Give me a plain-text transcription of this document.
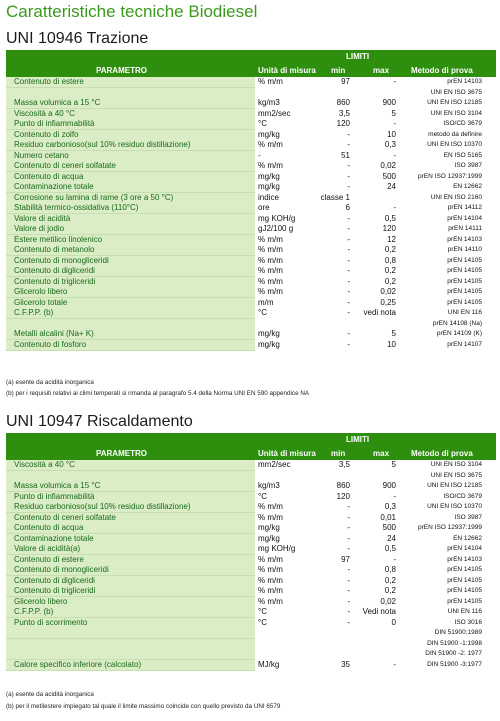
Caratteristiche tecniche Biodiesel
UNI 10946 Trazione
LIMITI
PARAMETRO	Unità di misura min	max	Metodo di prova
Contenuto di estere	% m/m	97	-	prEN 14103
UNI EN ISO 3675
Massa volumica a 15 °C	kg/m3	860	900	UNI EN ISO 12185
Viscosità a 40 °C	mm2/sec	3,5	5	UNI EN ISO 3104
Punto di infiammabilità	°C	120	-	ISO/CD 3679
Contenuto di zolfo	mg/kg	-	10	metodo da definire
Residuo carbonioso(sul 10% residuo distillazione)	% m/m	-	0,3	UNI EN ISO 10370
Numero cetano	-	51	-	EN ISO 5165
Contenuto di ceneri solfatate	% m/m	-	0,02	ISO 3987
Contenuto di acqua	mg/kg	-	500	prEN ISO 12937:1999
Contaminazione totale	mg/kg	-	24	EN 12662
Corrosione su lamina di rame (3 ore a 50 °C)	indice	classe 1	UNI EN ISO 2160
Stabilità termico-ossidativa (110°C)	ore	6	-	prEN 14112
Valore di acidità	mg KOH/g	-	0,5	prEN 14104
Valore di jodio	gJ2/100 g	-	120	prEN 14111
Estere metilico linolenico	% m/m	-	12	prEN 14103
Contenuto di metanolo	% m/m	-	0,2	prEN 14110
Contenuto di monogliceridi	% m/m	-	0,8	prEN 14105
Contenuto di digliceridi	% m/m	-	0,2	prEN 14105
Contenuto di trigliceridi	% m/m	-	0,2	prEN 14105
Glicerolo libero	% m/m	-	0,02	prEN 14105
Glicerolo totale	m/m	-	0,25	prEN 14105
C.F.P.P. (b)	°C	-	vedi nota	UNI EN 116
prEN 14108 (Na)
Metalli alcalini (Na+ K)	mg/kg	-	5	prEN 14109 (K)
Contenuto di fosforo	mg/kg	-	10	prEN 14107
(a) esente da acidità inorganica
(b) per i requisiti relativi ai climi temperati si rimanda al paragrafo 5.4 della Norma UNI EN 590 appendice NA
UNI 10947 Riscaldamento
LIMITI
PARAMETRO	Unità di misura min	max	Metodo di prova
Viscosità a 40 °C	mm2/sec	3,5	5	UNI EN ISO 3104
UNI EN ISO 3675
Massa volumica a 15 °C	kg/m3	860	900	UNI EN ISO 12185
Punto di infiammabilità	°C	120	-	ISO/CD 3679
Residuo carbonioso(sul 10% residuo distillazione)	% m/m	-	0,3	UNI EN ISO 10370
Contenuto di ceneri solfatate	% m/m	-	0,01	ISO 3987
Contenuto di acqua	mg/kg	-	500	prEN ISO 12937:1999
Contaminazione totale	mg/kg	-	24	EN 12662
Valore di acidità(a)	mg KOH/g	-	0,5	prEN 14104
Contenuto di estere	% m/m	97	-	prEN 14103
Contenuto di monogliceridi	% m/m	-	0,8	prEN 14105
Contenuto di digliceridi	% m/m	-	0,2	prEN 14105
Contenuto di trigliceridi	% m/m	-	0,2	prEN 14105
Glicerolo libero	% m/m	-	0,02	prEN 14105
C.F.P.P. (b)	°C	-	Vedi nota	UNI EN 116
Punto di scorrimento	°C	-	0	ISO 3016
DIN 51900:1989
DIN 51900 -1:1998
DIN 51900 -2: 1977
Calore specifico inferiore (calcolato)	MJ/kg	35	-	DIN 51900 -3:1977
(a) esente da acidità inorganica
(b) per il metilestere impiegato tal quale il limite massimo coincide con quello previsto da UNI 6579
